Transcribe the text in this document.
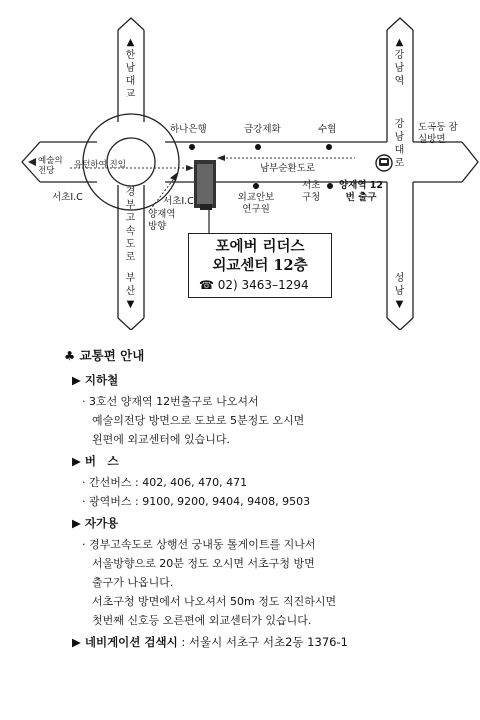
▲한남대교
▲강남역
경부고속도로
부산▼
성남▼
강남대로
남부순환도로
유턴하여 진입
예술의전당
서초I.C	서초I.C
양재역방향
도곡동 잠실방면
하나은행	금강제화	수협
외교안보연구원
서초구청
양재역 12번 출구
포에버 리더스
외교센터 12층
☎ 02) 3463–1294
♣ 교통편 안내
▶ 지하철
· 3호선 양재역 12번출구로 나오셔서
예술의전당 방면으로 도보로 5분정도 오시면
왼편에 외교센터에 있습니다.
▶ 버　스
· 간선버스 : 402, 406, 470, 471
· 광역버스 : 9100, 9200, 9404, 9408, 9503
▶ 자가용
· 경부고속도로 상행선 궁내동 톨게이트를 지나서
서울방향으로 20분 정도 오시면 서초구청 방면
출구가 나옵니다.
서초구청 방면에서 나오셔서 50m 정도 직진하시면
첫번째 신호등 오른편에 외교센터가 있습니다.
▶ 네비게이션 검색시 : 서울시 서초구 서초2동 1376-1
